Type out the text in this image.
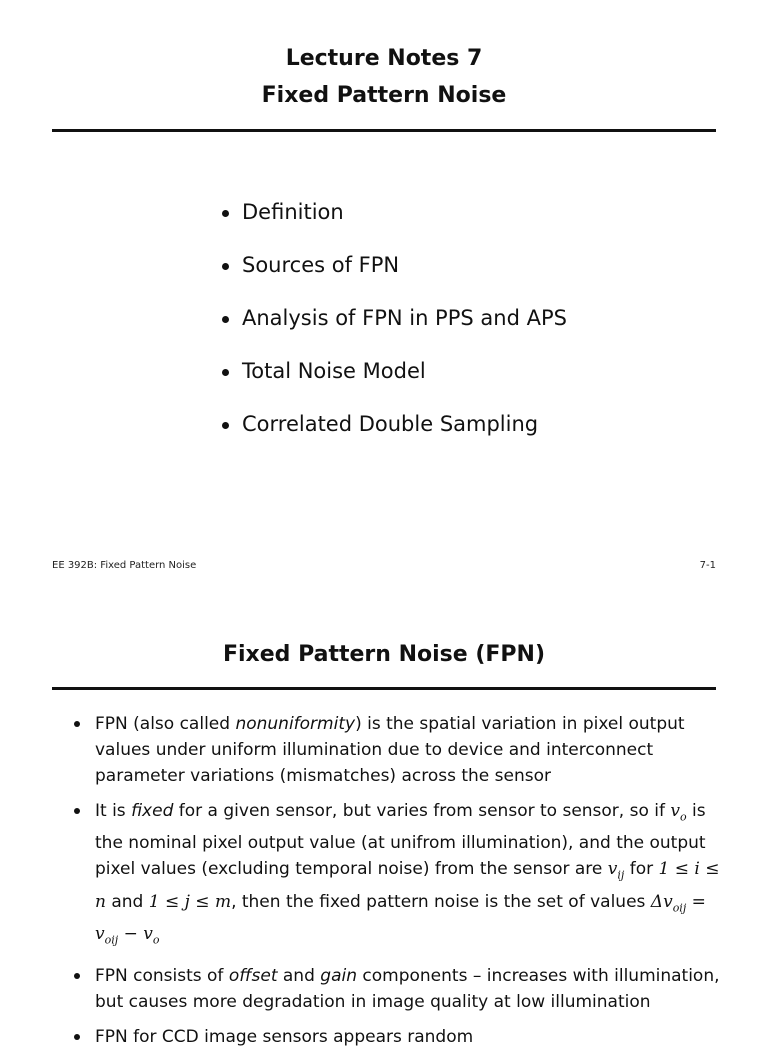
Lecture Notes 7
Fixed Pattern Noise
Definition
Sources of FPN
Analysis of FPN in PPS and APS
Total Noise Model
Correlated Double Sampling
EE 392B: Fixed Pattern Noise	7-1
Fixed Pattern Noise (FPN)
FPN (also called nonuniformity) is the spatial variation in pixel output values under uniform illumination due to device and interconnect parameter variations (mismatches) across the sensor
It is fixed for a given sensor, but varies from sensor to sensor, so if $v_o$ is the nominal pixel output value (at unifrom illumination), and the output pixel values (excluding temporal noise) from the sensor are $v_{ij}$ for 1 ≤ i ≤ n and 1 ≤ j ≤ m, then the fixed pattern noise is the set of values $\Delta v_{oij} = v_{oij} - v_o$
FPN consists of offset and gain components – increases with illumination, but causes more degradation in image quality at low illumination
FPN for CCD image sensors appears random
